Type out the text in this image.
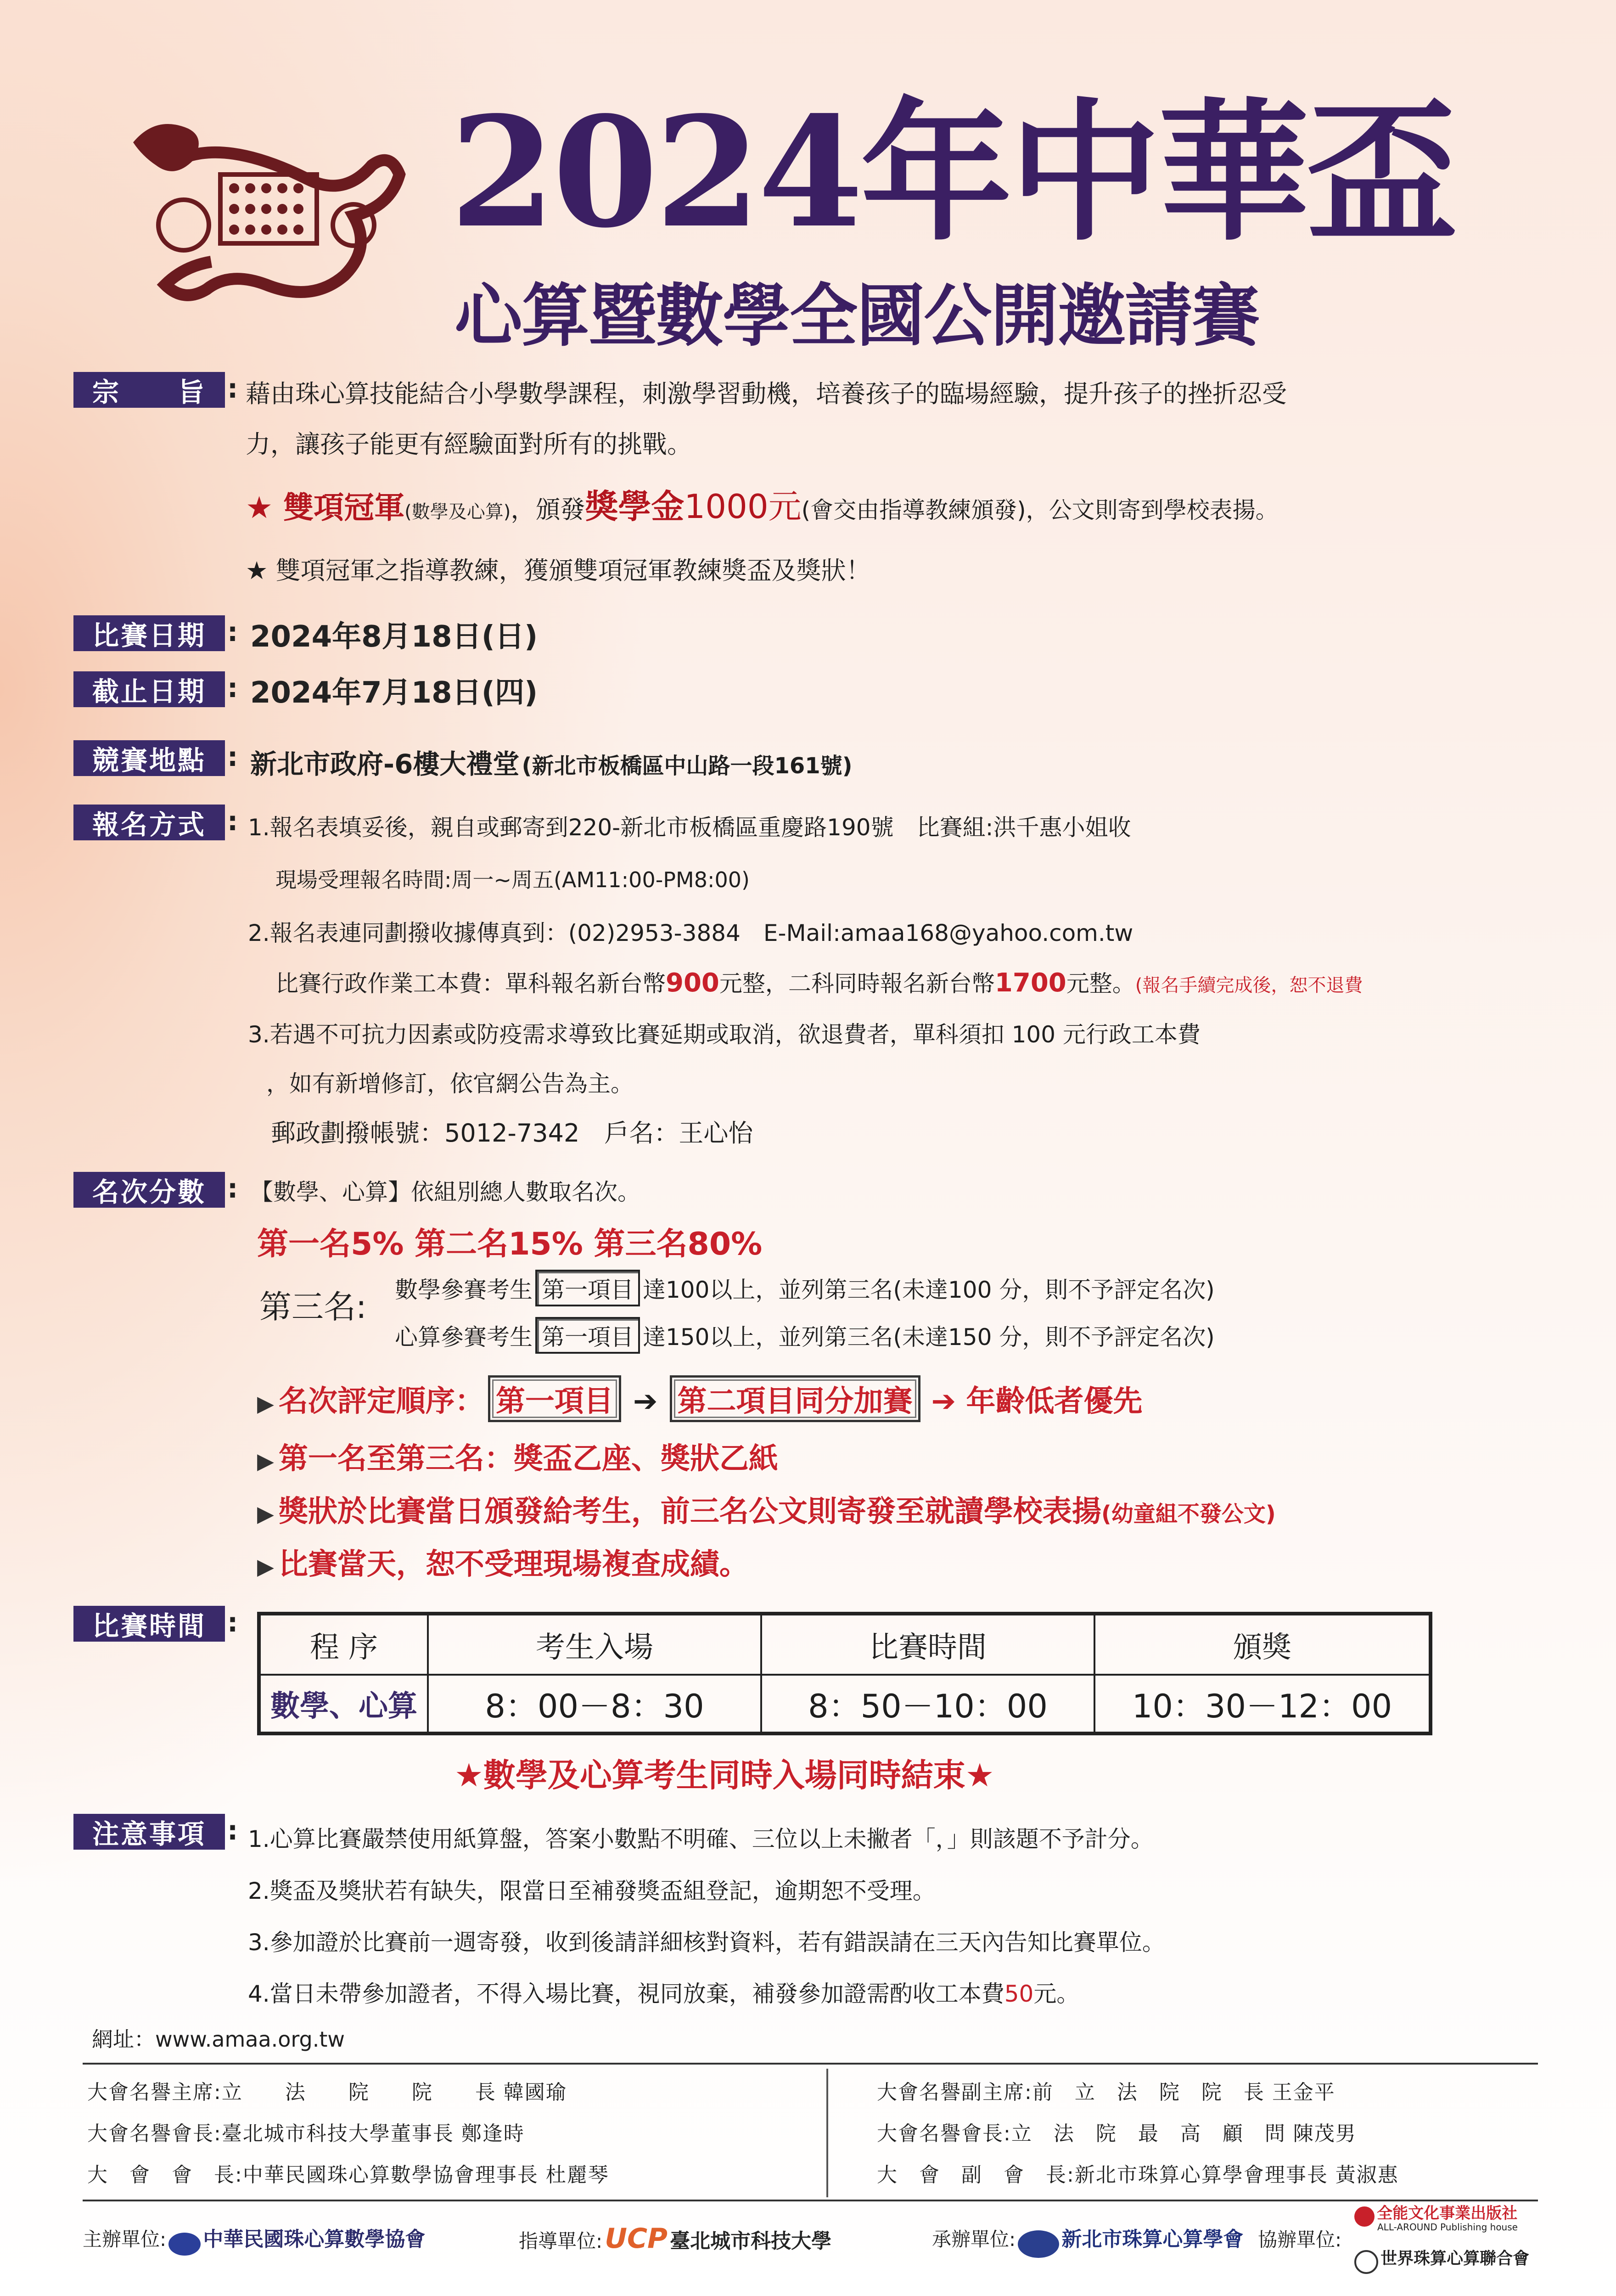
2024年中華盃
心算暨數學全國公開邀請賽
宗　　旨 : 藉由珠心算技能結合小學數學課程，刺激學習動機，培養孩子的臨場經驗，提升孩子的挫折忍受
力，讓孩子能更有經驗面對所有的挑戰。
★ 雙項冠軍(數學及心算)，頒發獎學金1000元(會交由指導教練頒發)，公文則寄到學校表揚。
★ 雙項冠軍之指導教練，獲頒雙項冠軍教練獎盃及獎狀！
比賽日期 : 2024年8月18日(日)
截止日期 : 2024年7月18日(四)
競賽地點 : 新北市政府-6樓大禮堂 (新北市板橋區中山路一段161號)
報名方式 : 1.報名表填妥後，親自或郵寄到220-新北市板橋區重慶路190號　比賽組:洪千惠小姐收
現場受理報名時間:周一~周五(AM11:00-PM8:00)
2.報名表連同劃撥收據傳真到：(02)2953-3884　E-Mail:amaa168@yahoo.com.tw
比賽行政作業工本費：單科報名新台幣900元整，二科同時報名新台幣1700元整。(報名手續完成後，恕不退費
3.若遇不可抗力因素或防疫需求導致比賽延期或取消，欲退費者，單科須扣 100 元行政工本費
，如有新增修訂，依官網公告為主。
郵政劃撥帳號：5012-7342　戶名：王心怡
名次分數 : 【數學、心算】依組別總人數取名次。
第一名5% 第二名15% 第三名80%
第三名: 數學參賽考生 第一項目 達100以上，並列第三名(未達100 分，則不予評定名次)
心算參賽考生 第一項目 達150以上，並列第三名(未達150 分，則不予評定名次)
▶ 名次評定順序： 第一項目 ➔ 第二項目同分加賽 ➔ 年齡低者優先
▶ 第一名至第三名：獎盃乙座、獎狀乙紙
▶ 獎狀於比賽當日頒發給考生，前三名公文則寄發至就讀學校表揚(幼童組不發公文)
▶ 比賽當天，恕不受理現場複查成績。
比賽時間 :
程 序	考生入場	比賽時間	頒獎
數學、心算	8：00－8：30	8：50－10：00	10：30－12：00
★數學及心算考生同時入場同時結束★
注意事項 : 1.心算比賽嚴禁使用紙算盤，答案小數點不明確、三位以上未撇者「，」則該題不予計分。
2.獎盃及獎狀若有缺失，限當日至補發獎盃組登記，逾期恕不受理。
3.參加證於比賽前一週寄發，收到後請詳細核對資料，若有錯誤請在三天內告知比賽單位。
4.當日未帶參加證者，不得入場比賽，視同放棄，補發參加證需酌收工本費50元。
網址：www.amaa.org.tw
大會名譽主席:立　　法　　院　　院　　長 韓國瑜
大會名譽會長:臺北城市科技大學董事長 鄭逢時
大　會　會　長:中華民國珠心算數學協會理事長 杜麗琴
大會名譽副主席:前　立　法　院　院　長 王金平
大會名譽會長:立　法　院　最　高　顧　問 陳茂男
大　會　副　會　長:新北市珠算心算學會理事長 黃淑惠
主辦單位: 中華民國珠心算數學協會	指導單位: UCP 臺北城市科技大學	承辦單位: 新北市珠算心算學會 協辦單位:
全能文化事業出版社
ALL-AROUND Publishing house
世界珠算心算聯合會
